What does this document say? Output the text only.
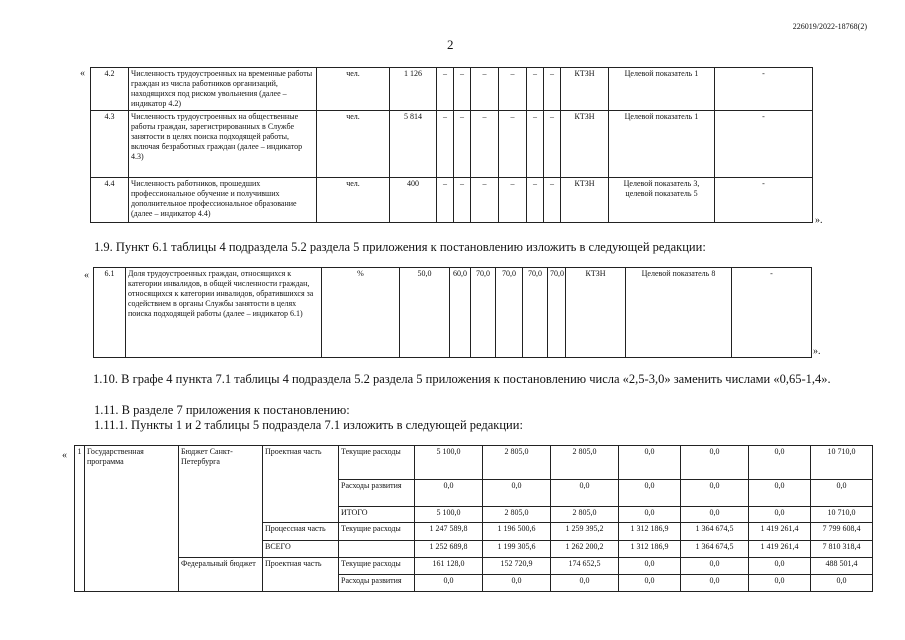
226019/2022-18768(2)
2
« 4.2	Численность трудоустроенных на временные работы граждан из числа работников организаций, находящихся под риском увольнения (далее – индикатор 4.2)	чел.	1 126	–	–	–	–	–	–	КТЗН	Целевой показатель 1	-
4.3	Численность трудоустроенных на общественные работы граждан, зарегистрированных в Службе занятости в целях поиска подходящей работы, включая безработных граждан (далее – индикатор 4.3)	чел.	5 814	–	–	–	–	–	–	КТЗН	Целевой показатель 1	-
4.4	Численность работников, прошедших профессиональное обучение и получивших дополнительное профессиональное образование (далее – индикатор 4.4)	чел.	400	–	–	–	–	–	–	КТЗН	Целевой показатель 3, целевой показатель 5	-
».
1.9. Пункт 6.1 таблицы 4 подраздела 5.2 раздела 5 приложения к постановлению изложить в следующей редакции:
« 6.1	Доля трудоустроенных граждан, относящихся к категории инвалидов, в общей численности граждан, относящихся к категории инвалидов, обратившихся за содействием в органы Службы занятости в целях поиска подходящей работы (далее – индикатор 6.1)	%	50,0	60,0	70,0	70,0	70,0	70,0	КТЗН	Целевой показатель 8	-
».
1.10. В графе 4 пункта 7.1 таблицы 4 подраздела 5.2 раздела 5 приложения к постановлению числа «2,5-3,0» заменить числами «0,65-1,4».
1.11. В разделе 7 приложения к постановлению:
1.11.1. Пункты 1 и 2 таблицы 5 подраздела 7.1 изложить в следующей редакции:
« 1	Государственная программа	Бюджет Санкт-Петербурга	Проектная часть	Текущие расходы	5 100,0	2 805,0	2 805,0	0,0	0,0	0,0	10 710,0
				Расходы развития	0,0	0,0	0,0	0,0	0,0	0,0	0,0
				ИТОГО	5 100,0	2 805,0	2 805,0	0,0	0,0	0,0	10 710,0
			Процессная часть	Текущие расходы	1 247 589,8	1 196 500,6	1 259 395,2	1 312 186,9	1 364 674,5	1 419 261,4	7 799 608,4
			ВСЕГО		1 252 689,8	1 199 305,6	1 262 200,2	1 312 186,9	1 364 674,5	1 419 261,4	7 810 318,4
		Федеральный бюджет	Проектная часть	Текущие расходы	161 128,0	152 720,9	174 652,5	0,0	0,0	0,0	488 501,4
				Расходы развития	0,0	0,0	0,0	0,0	0,0	0,0	0,0
